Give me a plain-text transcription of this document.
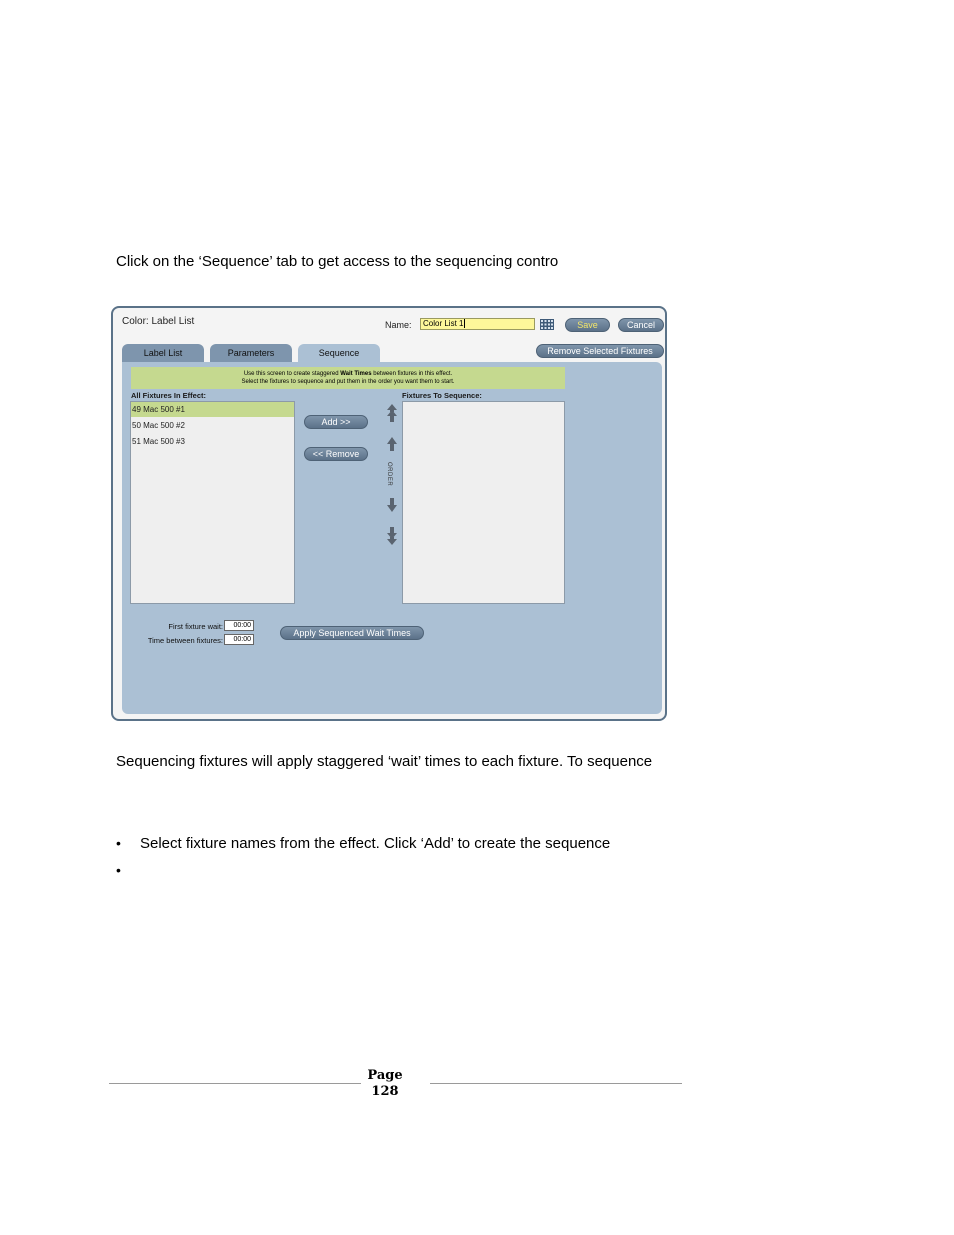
Click on the ‘Sequence’ tab to get access to the sequencing contro
Color: Label List	Name:	Color List 1	Save	Cancel
Label List	Parameters	Sequence	Remove Selected Fixtures
Use this screen to create staggered Wait Times between fixtures in this effect.
Select the fixtures to sequence and put them in the order you want them to start.
All Fixtures In Effect:	Fixtures To Sequence:
49 Mac 500 #1
50 Mac 500 #2
51 Mac 500 #3
Add >>
<< Remove
ORDER
First fixture wait:	00:00
Time between fixtures:	00:00
Apply Sequenced Wait Times
Sequencing fixtures will apply staggered ‘wait’ times to each fixture. To sequence
• Select fixture names from the effect. Click ‘Add’ to create the sequence
•
Page
128
